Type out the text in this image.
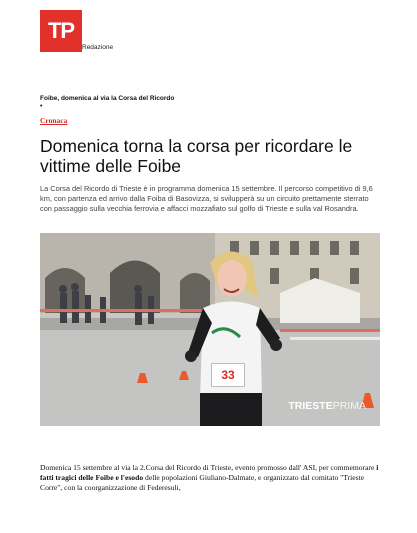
TP
Redazione
Foibe, domenica al via la Corsa del Ricordo
•
Cronaca
Domenica torna la corsa per ricordare le vittime delle Foibe

La Corsa del Ricordo di Trieste è in programma domenica 15 settembre. Il percorso competitivo di 9,6 km, con partenza ed arrivo dalla Foiba di Basovizza, si svilupperà su un circuito prettamente sterrato con passaggio sulla vecchia ferrovia e affacci mozzafiato sul golfo di Trieste e sulla val Rosandra.

33
TRIESTEPRIMA

Domenica 15 settembre al via la 2.Corsa del Ricordo di Trieste, evento promosso dall' ASI, per commemorare i fatti tragici delle Foibe e l'esodo delle popolazioni Giuliano-Dalmate, e organizzato dal comitato "Trieste Corre", con la coorganizzazione di Federesuli,
